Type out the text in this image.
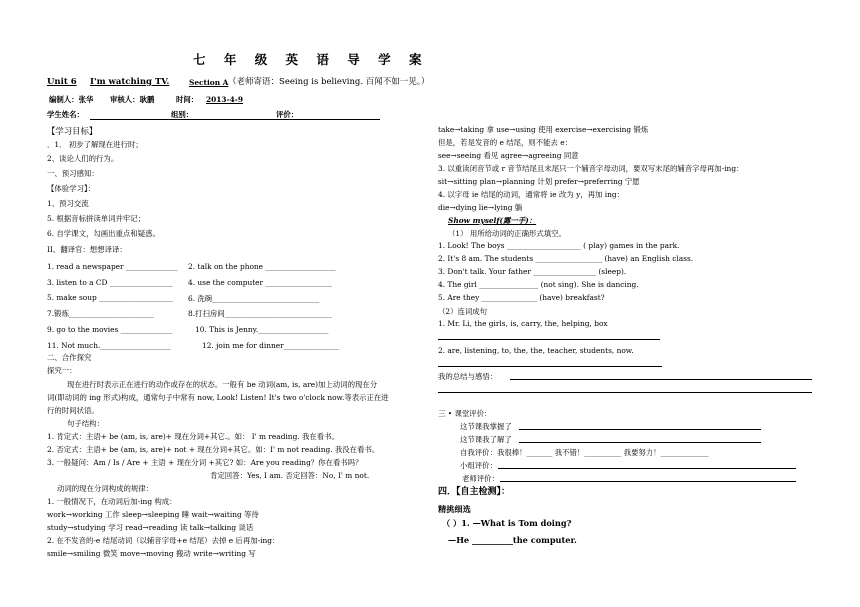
七 年 级 英 语 导 学 案
Unit 6 I'm watching TV.	Section A （老师寄语：Seeing is believing. 百闻不如一见。）
编制人：张华 审核人：耿鹏	时间： 2013-4-9
学生姓名：	组别：	评价：
【学习目标】
．1． 初步了解现在进行时；
2、谈论人们的行为。
一、预习感知：
【体验学习】：
1、预习交流
5. 根据音标拼读单词并牢记；
6. 自学课文，勾画出重点和疑惑。
II、翻译官：想想译译：
1. read a newspaper ______________ 2. talk on the phone ___________________
3. listen to a CD _________________ 4. use the computer __________________
5. make soup ____________________ 6. 洗碗_____________________________
7.锻炼_______________________	8.打扫房间_____________________________
9. go to the movies ______________	10. This is Jenny.___________________
11. Not much.___________________	12. join me for dinner_______________
二、合作探究
探究一：
现在进行时表示正在进行的动作或存在的状态。一般有 be 动词(am, is, are)加上动词的现在分
词(即动词的 ing 形式)构成，通常句子中常有 now, Look! Listen! It's two o'clock now.等表示正在进
行的时间状语。
句子结构：
1. 肯定式：主语+ be (am, is, are)+ 现在分词+其它.。如： I' m reading. 我在看书。
2. 否定式：主语+ be (am, is, are)+ not + 现在分词+其它。如：I' m not reading. 我没在看书。
3. 一般疑问：Am / Is / Are + 主语 + 现在分词 +其它? 如：Are you reading？你在看书吗？
肯定回答：Yes, I am. 否定回答：No, I' m not.
动词的现在分词构成的规律：
1. 一般情况下，在动词后加-ing 构成：
work→working 工作 sleep→sleeping 睡 wait→waiting 等待
study→studying 学习 read→reading 读 talk→talking 谈话
2. 在不发音的-e 结尾动词（以辅音字母+e 结尾）去掉 e 后再加-ing：
smile→smiling 微笑 move→moving 搬动 write→writing 写
take→taking 拿 use→using 使用 exercise→exercising 锻炼
但是，若是发音的 e 结尾，则不能去 e：
see→seeing 看见 agree→agreeing 同意
3. 以重读闭音节或 r 音节结尾且末尾只一个辅音字母动词，要双写末尾的辅音字母再加-ing：
sit→sitting plan→planning 计划 prefer→preferring 宁愿
4. 以字母 ie 结尾的动词，通常将 ie 改为 y，再加 ing：
die→dying lie→lying 躺
Show myself(露一手)：
（1） 用所给动词的正确形式填空。
1. Look! The boys ____________________ ( play) games in the park.
2. It's 8 am. The students __________________ (have) an English class.
3. Don't talk. Your father _________________ (sleep).
4. The girl ________________ (not sing). She is dancing.
5. Are they _______________ (have) breakfast?
（2）连词成句
1. Mr. Li, the girls, is, carry, the, helping, box
2. are, listening, to, the, the, teacher, students, now.
我的总结与感悟：
三 • 课堂评价：
这节课我掌握了
这节课我了解了
自我评价：我很棒！_______ 我不错！__________ 我要努力！_____________
小组评价：
老师评价：
四．【自主检测】：
精挑细选
（ ）1. —What is Tom doing?
—He __________the computer.
